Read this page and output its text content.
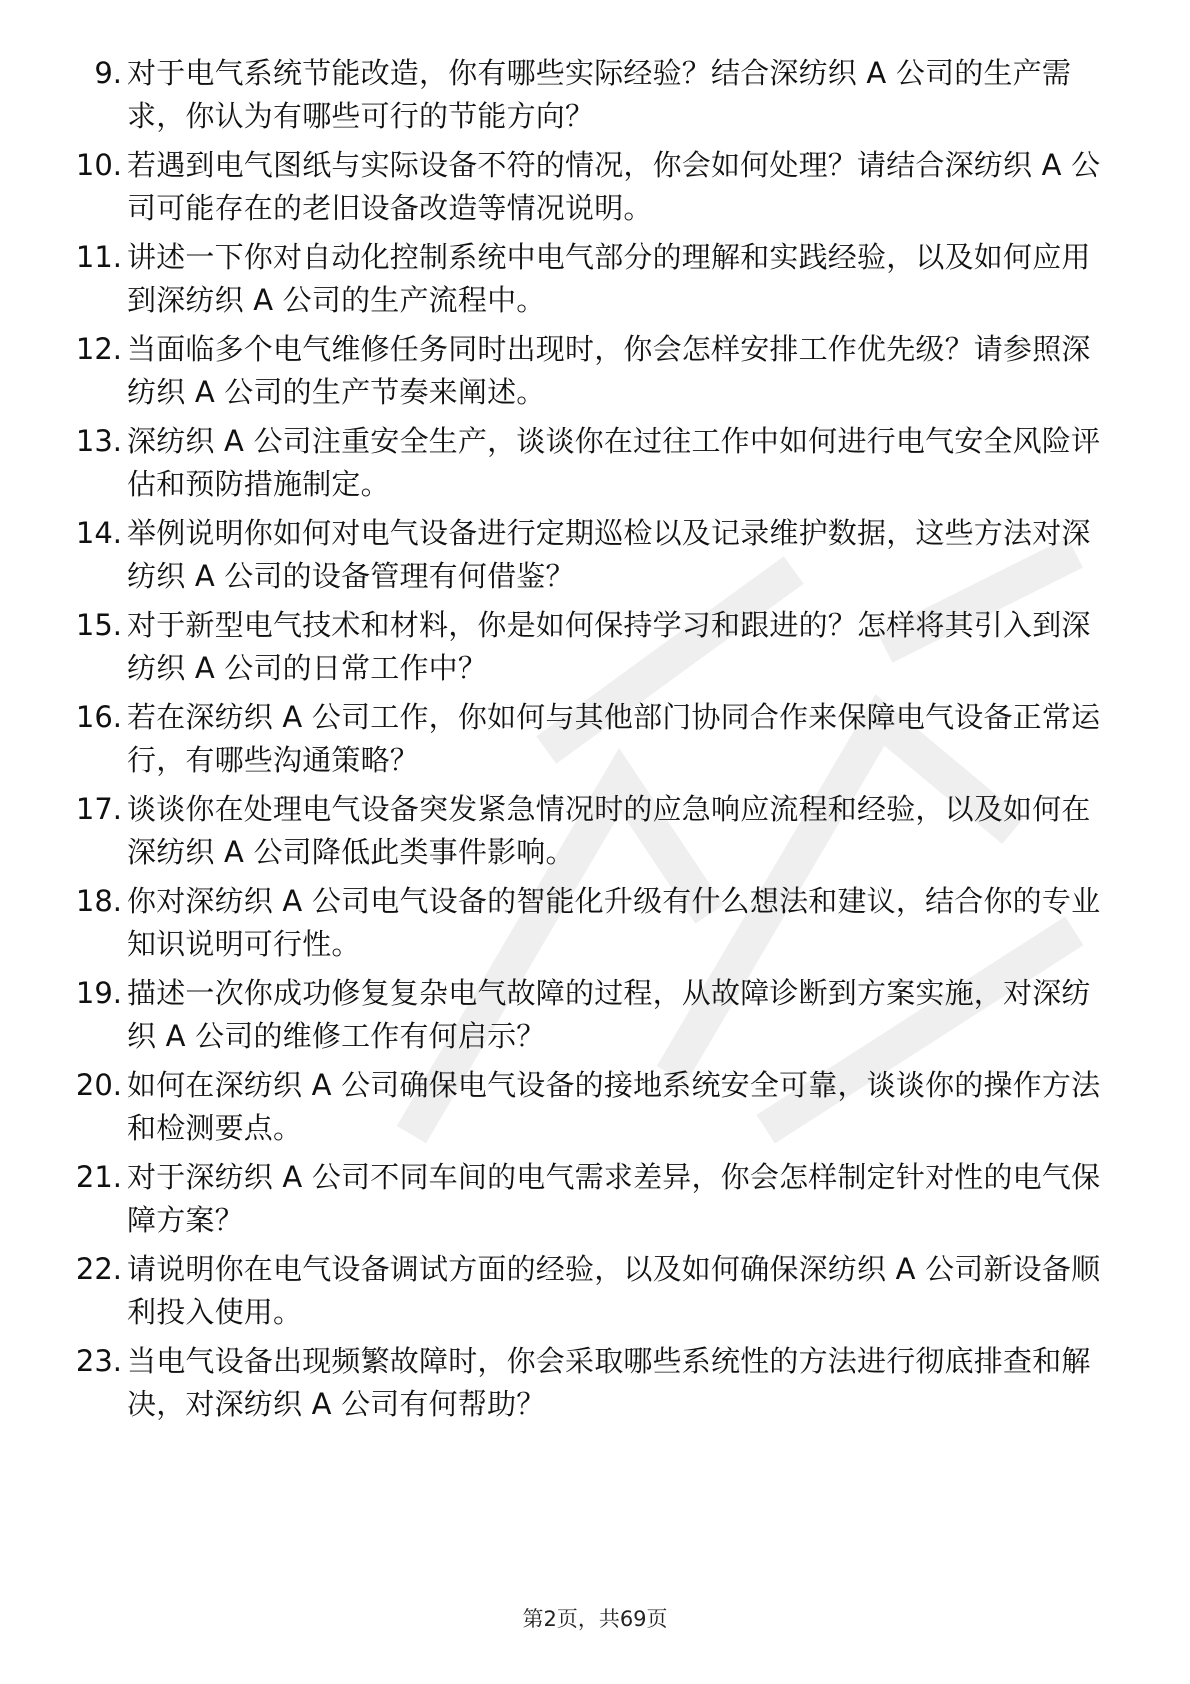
9. 对于电气系统节能改造，你有哪些实际经验？结合深纺织 A 公司的生产需求，你认为有哪些可行的节能方向？
10. 若遇到电气图纸与实际设备不符的情况，你会如何处理？请结合深纺织 A 公司可能存在的老旧设备改造等情况说明。
11. 讲述一下你对自动化控制系统中电气部分的理解和实践经验，以及如何应用到深纺织 A 公司的生产流程中。
12. 当面临多个电气维修任务同时出现时，你会怎样安排工作优先级？请参照深纺织 A 公司的生产节奏来阐述。
13. 深纺织 A 公司注重安全生产，谈谈你在过往工作中如何进行电气安全风险评估和预防措施制定。
14. 举例说明你如何对电气设备进行定期巡检以及记录维护数据，这些方法对深纺织 A 公司的设备管理有何借鉴？
15. 对于新型电气技术和材料，你是如何保持学习和跟进的？怎样将其引入到深纺织 A 公司的日常工作中？
16. 若在深纺织 A 公司工作，你如何与其他部门协同合作来保障电气设备正常运行，有哪些沟通策略？
17. 谈谈你在处理电气设备突发紧急情况时的应急响应流程和经验，以及如何在深纺织 A 公司降低此类事件影响。
18. 你对深纺织 A 公司电气设备的智能化升级有什么想法和建议，结合你的专业知识说明可行性。
19. 描述一次你成功修复复杂电气故障的过程，从故障诊断到方案实施，对深纺织 A 公司的维修工作有何启示？
20. 如何在深纺织 A 公司确保电气设备的接地系统安全可靠，谈谈你的操作方法和检测要点。
21. 对于深纺织 A 公司不同车间的电气需求差异，你会怎样制定针对性的电气保障方案？
22. 请说明你在电气设备调试方面的经验，以及如何确保深纺织 A 公司新设备顺利投入使用。
23. 当电气设备出现频繁故障时，你会采取哪些系统性的方法进行彻底排查和解决，对深纺织 A 公司有何帮助？
第2页，共69页
